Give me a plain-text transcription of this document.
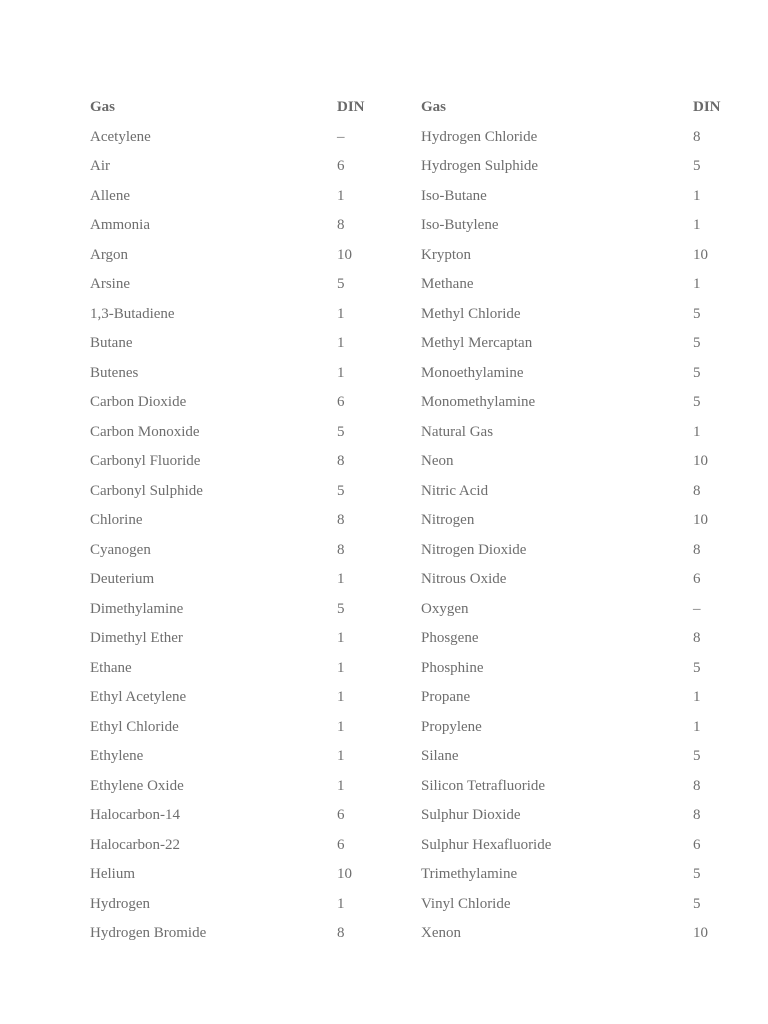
Gas	DIN	Gas	DIN
Acetylene	–	Hydrogen Chloride	8
Air	6	Hydrogen Sulphide	5
Allene	1	Iso-Butane	1
Ammonia	8	Iso-Butylene	1
Argon	10	Krypton	10
Arsine	5	Methane	1
1,3-Butadiene	1	Methyl Chloride	5
Butane	1	Methyl Mercaptan	5
Butenes	1	Monoethylamine	5
Carbon Dioxide	6	Monomethylamine	5
Carbon Monoxide	5	Natural Gas	1
Carbonyl Fluoride	8	Neon	10
Carbonyl Sulphide	5	Nitric Acid	8
Chlorine	8	Nitrogen	10
Cyanogen	8	Nitrogen Dioxide	8
Deuterium	1	Nitrous Oxide	6
Dimethylamine	5	Oxygen	–
Dimethyl Ether	1	Phosgene	8
Ethane	1	Phosphine	5
Ethyl Acetylene	1	Propane	1
Ethyl Chloride	1	Propylene	1
Ethylene	1	Silane	5
Ethylene Oxide	1	Silicon Tetrafluoride	8
Halocarbon-14	6	Sulphur Dioxide	8
Halocarbon-22	6	Sulphur Hexafluoride	6
Helium	10	Trimethylamine	5
Hydrogen	1	Vinyl Chloride	5
Hydrogen Bromide	8	Xenon	10
